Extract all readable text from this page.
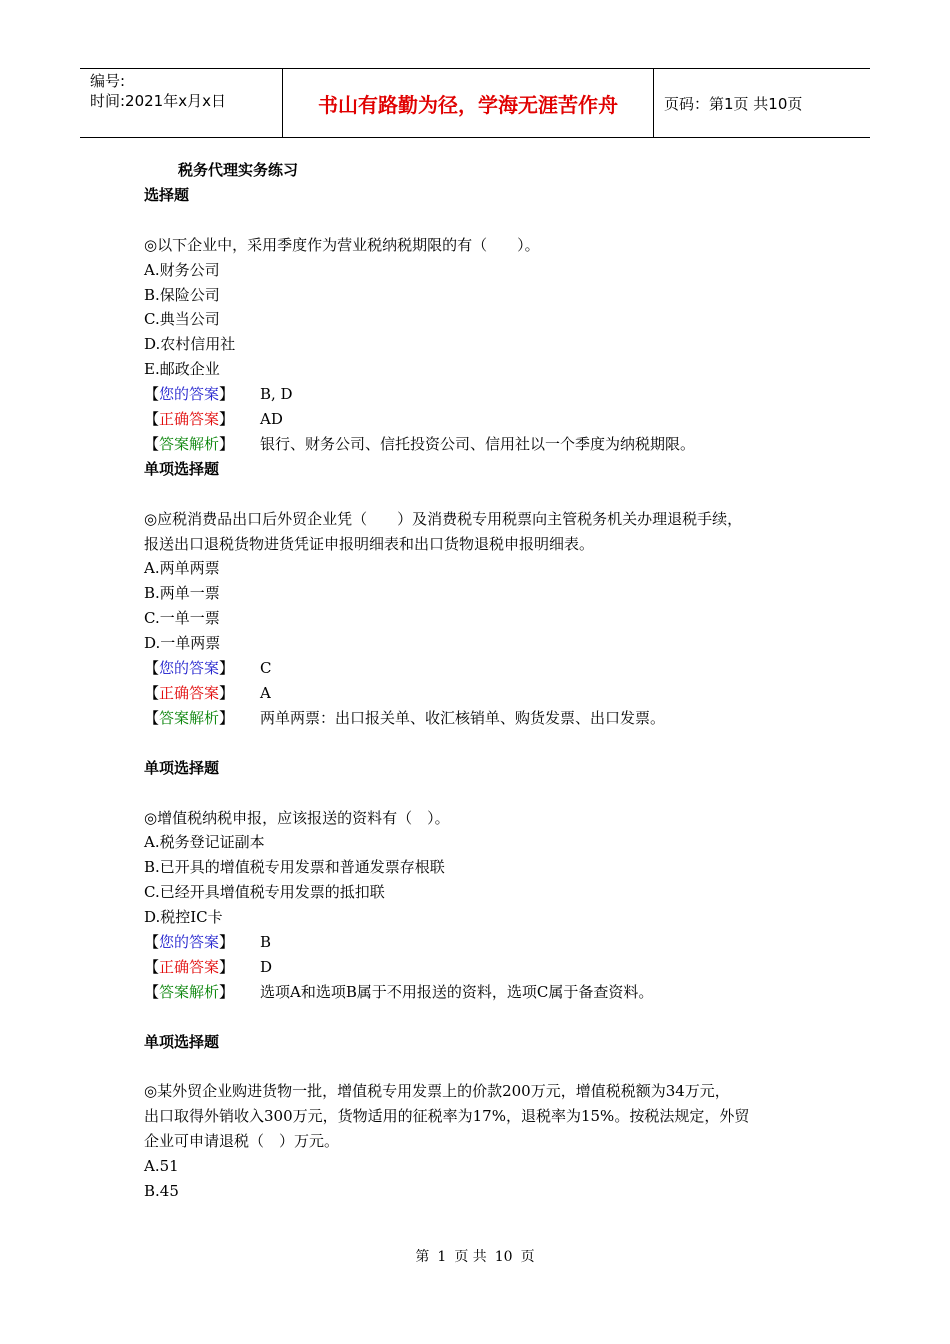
编号:
时间:2021年x月x日	书山有路勤为径，学海无涯苦作舟	页码：第1页 共10页
税务代理实务练习
选择题
◎以下企业中，采用季度作为营业税纳税期限的有（　　）。
A.财务公司
B.保险公司
C.典当公司
D.农村信用社
E.邮政企业
【您的答案】 B, D
【正确答案】 AD
【答案解析】 银行、财务公司、信托投资公司、信用社以一个季度为纳税期限。
单项选择题
◎应税消费品出口后外贸企业凭（　　）及消费税专用税票向主管税务机关办理退税手续，
报送出口退税货物进货凭证申报明细表和出口货物退税申报明细表。
A.两单两票
B.两单一票
C.一单一票
D.一单两票
【您的答案】 C
【正确答案】 A
【答案解析】 两单两票：出口报关单、收汇核销单、购货发票、出口发票。
单项选择题
◎增值税纳税申报，应该报送的资料有（　）。
A.税务登记证副本
B.已开具的增值税专用发票和普通发票存根联
C.已经开具增值税专用发票的抵扣联
D.税控IC卡
【您的答案】 B
【正确答案】 D
【答案解析】 选项A和选项B属于不用报送的资料，选项C属于备查资料。
单项选择题
◎某外贸企业购进货物一批，增值税专用发票上的价款200万元，增值税税额为34万元，
出口取得外销收入300万元，货物适用的征税率为17%，退税率为15%。按税法规定，外贸
企业可申请退税（　）万元。
A.51
B.45
第 1 页 共 10 页
